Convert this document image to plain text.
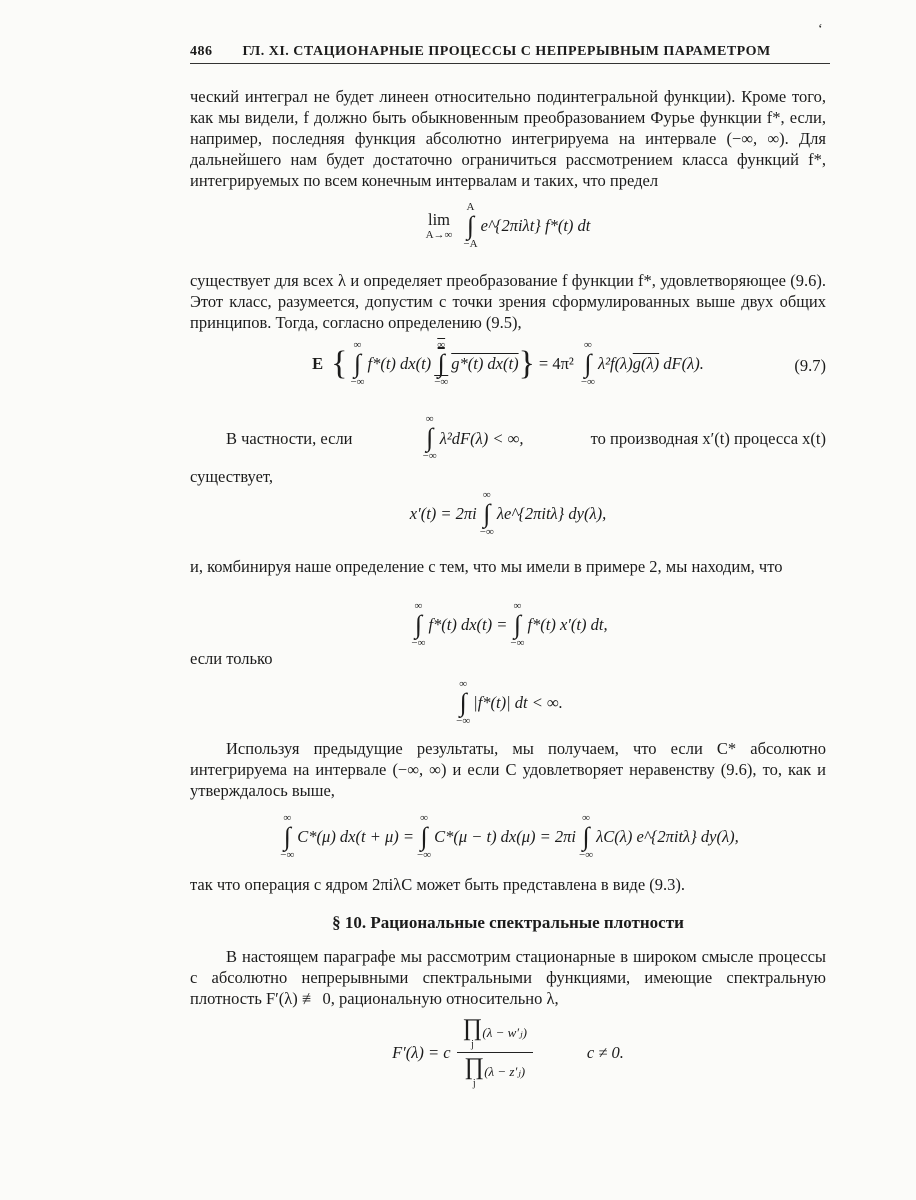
486 ГЛ. XI. СТАЦИОНАРНЫЕ ПРОЦЕССЫ С НЕПРЕРЫВНЫМ ПАРАМЕТРОМ
ʻ
ческий интеграл не будет линеен относительно подинтегральной функции). Кроме того, как мы видели, f должно быть обыкновенным преобразованием Фурье функции f*, если, например, последняя функция абсолютно интегрируема на интервале (−∞, ∞). Для дальнейшего нам будет достаточно ограничиться рассмотрением класса функций f*, интегрируемых по всем конечным интервалам и таких, что предел
lim
A→∞
A
∫
−A
e^{2πiλt} f*(t) dt
существует для всех λ и определяет преобразование f функции f*, удовлетворяющее (9.6). Этот класс, разумеется, допустим с точки зрения сформулированных выше двух общих принципов. Тогда, согласно определению (9.5),
E { ∞
∫
−∞
f*(t) dx(t)
∞
∫
−∞
g*(t) dx(t) } = 4π²
∞
∫
−∞
λ²f(λ)g(λ) dF(λ).	(9.7)
В частности, если
∞
∫
−∞
λ²dF(λ) < ∞,	то производная x′(t) процесса x(t)
существует,
x′(t) = 2πi
∞
∫
−∞
λe^{2πitλ} dy(λ),
и, комбинируя наше определение с тем, что мы имели в примере 2, мы находим, что
∞
∫
−∞
f*(t) dx(t) =
∞
∫
−∞
f*(t) x′(t) dt,
если только
∞
∫
−∞
|f*(t)| dt < ∞.
Используя предыдущие результаты, мы получаем, что если C* абсолютно интегрируема на интервале (−∞, ∞) и если C удовлетворяет неравенству (9.6), то, как и утверждалось выше,
∞
∫
−∞
C*(μ) dx(t + μ) =
∞
∫
−∞
C*(μ − t) dx(μ) = 2πi
∞
∫
−∞
λC(λ) e^{2πitλ} dy(λ),
так что операция с ядром 2πiλC может быть представлена в виде (9.3).
§ 10. Рациональные спектральные плотности
В настоящем параграфе мы рассмотрим стационарные в широком смысле процессы с абсолютно непрерывными спектральными функциями, имеющие спектральную плотность F′(λ) ≢ 0, рациональную относительно λ,
F′(λ) = c ∏
j
(λ − w′ⱼ)
∏
j
(λ − z′ⱼ)	c ≠ 0.
